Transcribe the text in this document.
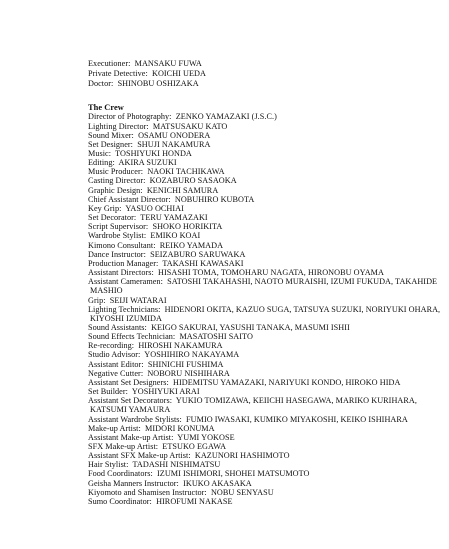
Executioner: MANSAKU FUWA
Private Detective: KOICHI UEDA
Doctor: SHINOBU OSHIZAKA
The Crew
Director of Photography: ZENKO YAMAZAKI (J.S.C.)
Lighting Director: MATSUSAKU KATO
Sound Mixer: OSAMU ONODERA
Set Designer: SHUJI NAKAMURA
Music: TOSHIYUKI HONDA
Editing: AKIRA SUZUKI
Music Producer: NAOKI TACHIKAWA
Casting Director: KOZABURO SASAOKA
Graphic Design: KENICHI SAMURA
Chief Assistant Director: NOBUHIRO KUBOTA
Key Grip: YASUO OCHIAI
Set Decorator: TERU YAMAZAKI
Script Supervisor: SHOKO HORIKITA
Wardrobe Stylist: EMIKO KOAI
Kimono Consultant: REIKO YAMADA
Dance Instructor: SEIZABURO SARUWAKA
Production Manager: TAKASHI KAWASAKI
Assistant Directors: HISASHI TOMA, TOMOHARU NAGATA, HIRONOBU OYAMA
Assistant Cameramen: SATOSHI TAKAHASHI, NAOTO MURAISHI, IZUMI FUKUDA, TAKAHIDE MASHIO
Grip: SEIJI WATARAI
Lighting Technicians: HIDENORI OKITA, KAZUO SUGA, TATSUYA SUZUKI, NORIYUKI OHARA, KIYOSHI IZUMIDA
Sound Assistants: KEIGO SAKURAI, YASUSHI TANAKA, MASUMI ISHII
Sound Effects Technician: MASATOSHI SAITO
Re-recording: HIROSHI NAKAMURA
Studio Advisor: YOSHIHIRO NAKAYAMA
Assistant Editor: SHINICHI FUSHIMA
Negative Cutter: NOBORU NISHIHARA
Assistant Set Designers: HIDEMITSU YAMAZAKI, NARIYUKI KONDO, HIROKO HIDA
Set Builder: YOSHIYUKI ARAI
Assistant Set Decorators: YUKIO TOMIZAWA, KEIICHI HASEGAWA, MARIKO KURIHARA, KATSUMI YAMAURA
Assistant Wardrobe Stylists: FUMIO IWASAKI, KUMIKO MIYAKOSHI, KEIKO ISHIHARA
Make-up Artist: MIDORI KONUMA
Assistant Make-up Artist: YUMI YOKOSE
SFX Make-up Artist: ETSUKO EGAWA
Assistant SFX Make-up Artist: KAZUNORI HASHIMOTO
Hair Stylist: TADASHI NISHIMATSU
Food Coordinators: IZUMI ISHIMORI, SHOHEI MATSUMOTO
Geisha Manners Instructor: IKUKO AKASAKA
Kiyomoto and Shamisen Instructor: NOBU SENYASU
Sumo Coordinator: HIROFUMI NAKASE
